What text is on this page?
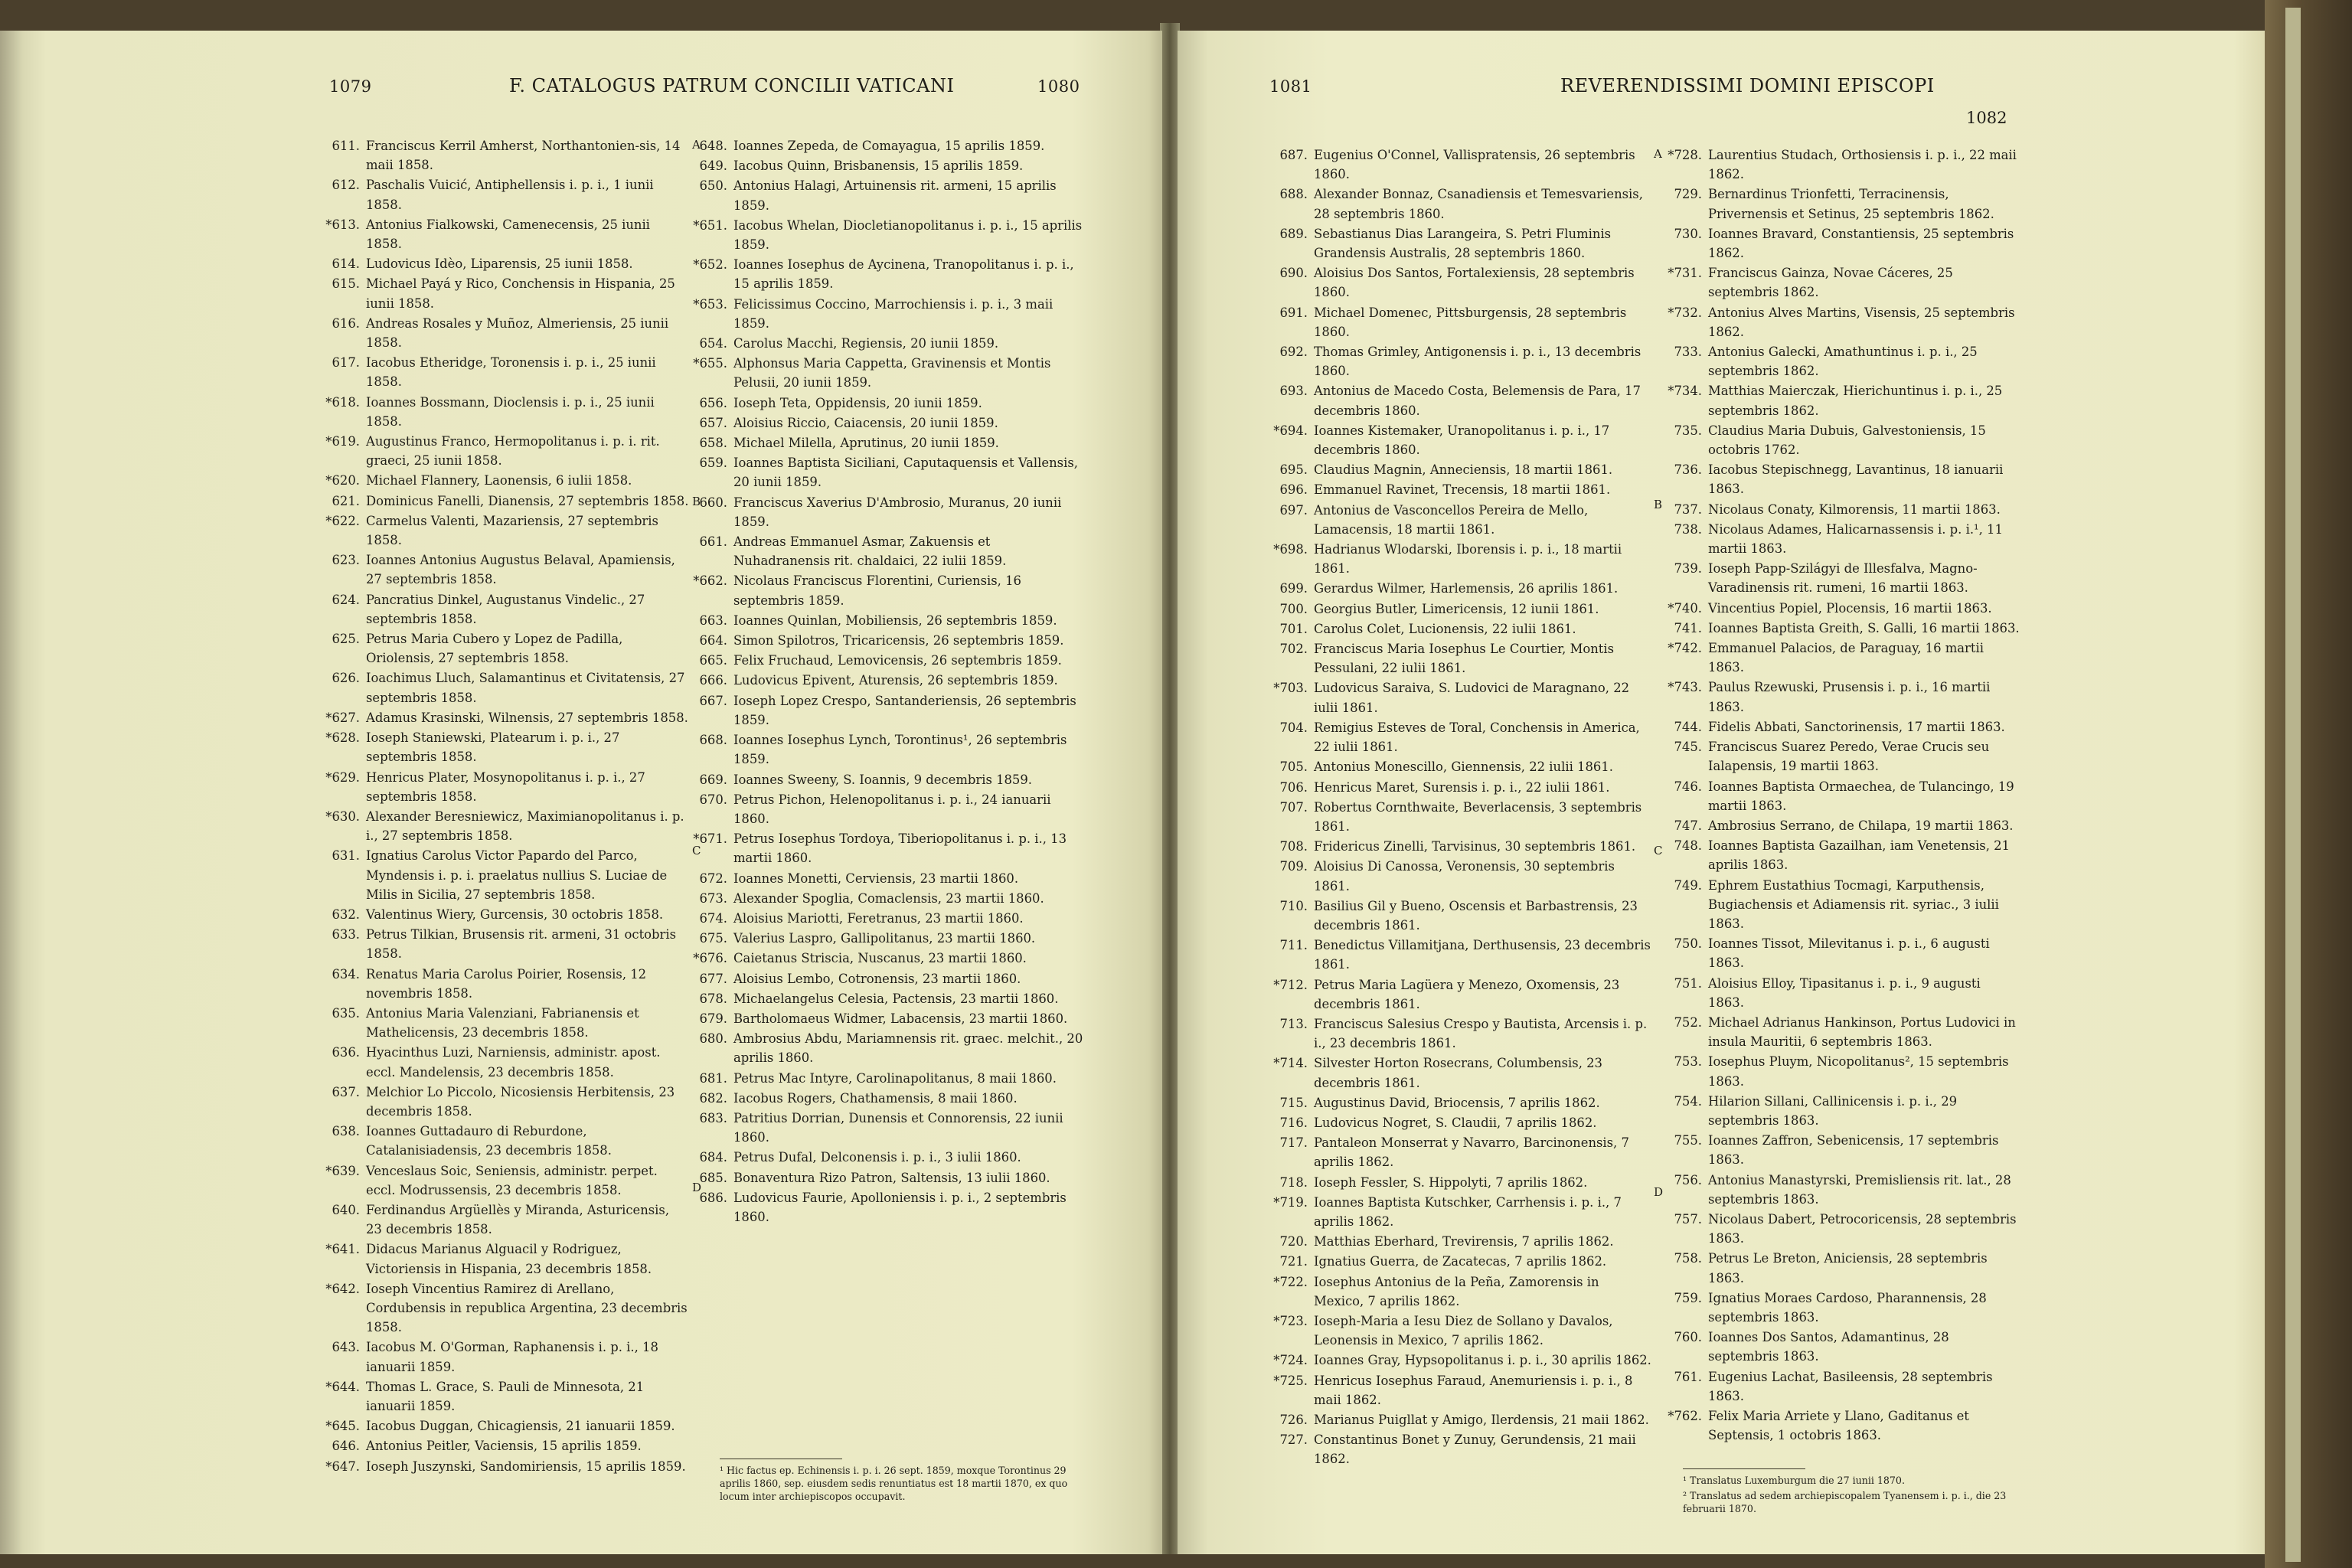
1079	F. CATALOGUS PATRUM CONCILII VATICANI	1080
611. Franciscus Kerril Amherst, Northantonien-sis, 14 maii 1858.
612. Paschalis Vuicić, Antiphellensis i. p. i., 1 iunii 1858.
*613. Antonius Fialkowski, Camenecensis, 25 iunii 1858.
614. Ludovicus Idèo, Liparensis, 25 iunii 1858.
615. Michael Payá y Rico, Conchensis in Hispania, 25 iunii 1858.
616. Andreas Rosales y Muñoz, Almeriensis, 25 iunii 1858.
617. Iacobus Etheridge, Toronensis i. p. i., 25 iunii 1858.
*618. Ioannes Bossmann, Dioclensis i. p. i., 25 iunii 1858.
*619. Augustinus Franco, Hermopolitanus i. p. i. rit. graeci, 25 iunii 1858.
*620. Michael Flannery, Laonensis, 6 iulii 1858.
621. Dominicus Fanelli, Dianensis, 27 septembris 1858.
*622. Carmelus Valenti, Mazariensis, 27 septembris 1858.
623. Ioannes Antonius Augustus Belaval, Apamiensis, 27 septembris 1858.
624. Pancratius Dinkel, Augustanus Vindelic., 27 septembris 1858.
625. Petrus Maria Cubero y Lopez de Padilla, Oriolensis, 27 septembris 1858.
626. Ioachimus Lluch, Salamantinus et Civitatensis, 27 septembris 1858.
*627. Adamus Krasinski, Wilnensis, 27 septembris 1858.
*628. Ioseph Staniewski, Platearum i. p. i., 27 septembris 1858.
*629. Henricus Plater, Mosynopolitanus i. p. i., 27 septembris 1858.
*630. Alexander Beresniewicz, Maximianopolitanus i. p. i., 27 septembris 1858.
631. Ignatius Carolus Victor Papardo del Parco, Myndensis i. p. i. praelatus nullius S. Luciae de Milis in Sicilia, 27 septembris 1858.
632. Valentinus Wiery, Gurcensis, 30 octobris 1858.
633. Petrus Tilkian, Brusensis rit. armeni, 31 octobris 1858.
634. Renatus Maria Carolus Poirier, Rosensis, 12 novembris 1858.
635. Antonius Maria Valenziani, Fabrianensis et Mathelicensis, 23 decembris 1858.
636. Hyacinthus Luzi, Narniensis, administr. apost. eccl. Mandelensis, 23 decembris 1858.
637. Melchior Lo Piccolo, Nicosiensis Herbitensis, 23 decembris 1858.
638. Ioannes Guttadauro di Reburdone, Catalanisiadensis, 23 decembris 1858.
*639. Venceslaus Soic, Seniensis, administr. perpet. eccl. Modrussensis, 23 decembris 1858.
640. Ferdinandus Argüellès y Miranda, Asturicensis, 23 decembris 1858.
*641. Didacus Marianus Alguacil y Rodriguez, Victoriensis in Hispania, 23 decembris 1858.
*642. Ioseph Vincentius Ramirez di Arellano, Cordubensis in republica Argentina, 23 decembris 1858.
643. Iacobus M. O'Gorman, Raphanensis i. p. i., 18 ianuarii 1859.
*644. Thomas L. Grace, S. Pauli de Minnesota, 21 ianuarii 1859.
*645. Iacobus Duggan, Chicagiensis, 21 ianuarii 1859.
646. Antonius Peitler, Vaciensis, 15 aprilis 1859.
*647. Ioseph Juszynski, Sandomiriensis, 15 aprilis 1859.
648. Ioannes Zepeda, de Comayagua, 15 aprilis 1859.
649. Iacobus Quinn, Brisbanensis, 15 aprilis 1859.
650. Antonius Halagi, Artuinensis rit. armeni, 15 aprilis 1859.
*651. Iacobus Whelan, Diocletianopolitanus i. p. i., 15 aprilis 1859.
*652. Ioannes Iosephus de Aycinena, Tranopolitanus i. p. i., 15 aprilis 1859.
*653. Felicissimus Coccino, Marrochiensis i. p. i., 3 maii 1859.
654. Carolus Macchi, Regiensis, 20 iunii 1859.
*655. Alphonsus Maria Cappetta, Gravinensis et Montis Pelusii, 20 iunii 1859.
656. Ioseph Teta, Oppidensis, 20 iunii 1859.
657. Aloisius Riccio, Caiacensis, 20 iunii 1859.
658. Michael Milella, Aprutinus, 20 iunii 1859.
659. Ioannes Baptista Siciliani, Caputaquensis et Vallensis, 20 iunii 1859.
660. Franciscus Xaverius D'Ambrosio, Muranus, 20 iunii 1859.
661. Andreas Emmanuel Asmar, Zakuensis et Nuhadranensis rit. chaldaici, 22 iulii 1859.
*662. Nicolaus Franciscus Florentini, Curiensis, 16 septembris 1859.
663. Ioannes Quinlan, Mobiliensis, 26 septembris 1859.
664. Simon Spilotros, Tricaricensis, 26 septembris 1859.
665. Felix Fruchaud, Lemovicensis, 26 septembris 1859.
666. Ludovicus Epivent, Aturensis, 26 septembris 1859.
667. Ioseph Lopez Crespo, Santanderiensis, 26 septembris 1859.
668. Ioannes Iosephus Lynch, Torontinus¹, 26 septembris 1859.
669. Ioannes Sweeny, S. Ioannis, 9 decembris 1859.
670. Petrus Pichon, Helenopolitanus i. p. i., 24 ianuarii 1860.
*671. Petrus Iosephus Tordoya, Tiberiopolitanus i. p. i., 13 martii 1860.
672. Ioannes Monetti, Cerviensis, 23 martii 1860.
673. Alexander Spoglia, Comaclensis, 23 martii 1860.
674. Aloisius Mariotti, Feretranus, 23 martii 1860.
675. Valerius Laspro, Gallipolitanus, 23 martii 1860.
*676. Caietanus Striscia, Nuscanus, 23 martii 1860.
677. Aloisius Lembo, Cotronensis, 23 martii 1860.
678. Michaelangelus Celesia, Pactensis, 23 martii 1860.
679. Bartholomaeus Widmer, Labacensis, 23 martii 1860.
680. Ambrosius Abdu, Mariamnensis rit. graec. melchit., 20 aprilis 1860.
681. Petrus Mac Intyre, Carolinapolitanus, 8 maii 1860.
682. Iacobus Rogers, Chathamensis, 8 maii 1860.
683. Patritius Dorrian, Dunensis et Connorensis, 22 iunii 1860.
684. Petrus Dufal, Delconensis i. p. i., 3 iulii 1860.
685. Bonaventura Rizo Patron, Saltensis, 13 iulii 1860.
686. Ludovicus Faurie, Apolloniensis i. p. i., 2 septembris 1860.
A
B
C
D
¹ Hic factus ep. Echinensis i. p. i. 26 sept. 1859, moxque Torontinus 29 aprilis 1860, sep. eiusdem sedis renuntiatus est 18 martii 1870, ex quo locum inter archiepiscopos occupavit.
1081	REVERENDISSIMI DOMINI EPISCOPI
1082
687. Eugenius O'Connel, Vallispratensis, 26 septembris 1860.
688. Alexander Bonnaz, Csanadiensis et Temesvariensis, 28 septembris 1860.
689. Sebastianus Dias Larangeira, S. Petri Fluminis Grandensis Australis, 28 septembris 1860.
690. Aloisius Dos Santos, Fortalexiensis, 28 septembris 1860.
691. Michael Domenec, Pittsburgensis, 28 septembris 1860.
692. Thomas Grimley, Antigonensis i. p. i., 13 decembris 1860.
693. Antonius de Macedo Costa, Belemensis de Para, 17 decembris 1860.
*694. Ioannes Kistemaker, Uranopolitanus i. p. i., 17 decembris 1860.
695. Claudius Magnin, Anneciensis, 18 martii 1861.
696. Emmanuel Ravinet, Trecensis, 18 martii 1861.
697. Antonius de Vasconcellos Pereira de Mello, Lamacensis, 18 martii 1861.
*698. Hadrianus Wlodarski, Iborensis i. p. i., 18 martii 1861.
699. Gerardus Wilmer, Harlemensis, 26 aprilis 1861.
700. Georgius Butler, Limericensis, 12 iunii 1861.
701. Carolus Colet, Lucionensis, 22 iulii 1861.
702. Franciscus Maria Iosephus Le Courtier, Montis Pessulani, 22 iulii 1861.
*703. Ludovicus Saraiva, S. Ludovici de Maragnano, 22 iulii 1861.
704. Remigius Esteves de Toral, Conchensis in America, 22 iulii 1861.
705. Antonius Monescillo, Giennensis, 22 iulii 1861.
706. Henricus Maret, Surensis i. p. i., 22 iulii 1861.
707. Robertus Cornthwaite, Beverlacensis, 3 septembris 1861.
708. Fridericus Zinelli, Tarvisinus, 30 septembris 1861.
709. Aloisius Di Canossa, Veronensis, 30 septembris 1861.
710. Basilius Gil y Bueno, Oscensis et Barbastrensis, 23 decembris 1861.
711. Benedictus Villamitjana, Derthusensis, 23 decembris 1861.
*712. Petrus Maria Lagüera y Menezo, Oxomensis, 23 decembris 1861.
713. Franciscus Salesius Crespo y Bautista, Arcensis i. p. i., 23 decembris 1861.
*714. Silvester Horton Rosecrans, Columbensis, 23 decembris 1861.
715. Augustinus David, Briocensis, 7 aprilis 1862.
716. Ludovicus Nogret, S. Claudii, 7 aprilis 1862.
717. Pantaleon Monserrat y Navarro, Barcinonensis, 7 aprilis 1862.
718. Ioseph Fessler, S. Hippolyti, 7 aprilis 1862.
*719. Ioannes Baptista Kutschker, Carrhensis i. p. i., 7 aprilis 1862.
720. Matthias Eberhard, Trevirensis, 7 aprilis 1862.
721. Ignatius Guerra, de Zacatecas, 7 aprilis 1862.
*722. Iosephus Antonius de la Peña, Zamorensis in Mexico, 7 aprilis 1862.
*723. Ioseph-Maria a Iesu Diez de Sollano y Davalos, Leonensis in Mexico, 7 aprilis 1862.
*724. Ioannes Gray, Hypsopolitanus i. p. i., 30 aprilis 1862.
*725. Henricus Iosephus Faraud, Anemuriensis i. p. i., 8 maii 1862.
726. Marianus Puigllat y Amigo, Ilerdensis, 21 maii 1862.
727. Constantinus Bonet y Zunuy, Gerundensis, 21 maii 1862.
*728. Laurentius Studach, Orthosiensis i. p. i., 22 maii 1862.
729. Bernardinus Trionfetti, Terracinensis, Privernensis et Setinus, 25 septembris 1862.
730. Ioannes Bravard, Constantiensis, 25 septembris 1862.
*731. Franciscus Gainza, Novae Cáceres, 25 septembris 1862.
*732. Antonius Alves Martins, Visensis, 25 septembris 1862.
733. Antonius Galecki, Amathuntinus i. p. i., 25 septembris 1862.
*734. Matthias Maierczak, Hierichuntinus i. p. i., 25 septembris 1862.
735. Claudius Maria Dubuis, Galvestoniensis, 15 octobris 1762.
736. Iacobus Stepischnegg, Lavantinus, 18 ianuarii 1863.
737. Nicolaus Conaty, Kilmorensis, 11 martii 1863.
738. Nicolaus Adames, Halicarnassensis i. p. i.¹, 11 martii 1863.
739. Ioseph Papp-Szilágyi de Illesfalva, Magno-Varadinensis rit. rumeni, 16 martii 1863.
*740. Vincentius Popiel, Plocensis, 16 martii 1863.
741. Ioannes Baptista Greith, S. Galli, 16 martii 1863.
*742. Emmanuel Palacios, de Paraguay, 16 martii 1863.
*743. Paulus Rzewuski, Prusensis i. p. i., 16 martii 1863.
744. Fidelis Abbati, Sanctorinensis, 17 martii 1863.
745. Franciscus Suarez Peredo, Verae Crucis seu Ialapensis, 19 martii 1863.
746. Ioannes Baptista Ormaechea, de Tulancingo, 19 martii 1863.
747. Ambrosius Serrano, de Chilapa, 19 martii 1863.
748. Ioannes Baptista Gazailhan, iam Venetensis, 21 aprilis 1863.
749. Ephrem Eustathius Tocmagi, Karputhensis, Bugiachensis et Adiamensis rit. syriac., 3 iulii 1863.
750. Ioannes Tissot, Milevitanus i. p. i., 6 augusti 1863.
751. Aloisius Elloy, Tipasitanus i. p. i., 9 augusti 1863.
752. Michael Adrianus Hankinson, Portus Ludovici in insula Mauritii, 6 septembris 1863.
753. Iosephus Pluym, Nicopolitanus², 15 septembris 1863.
754. Hilarion Sillani, Callinicensis i. p. i., 29 septembris 1863.
755. Ioannes Zaffron, Sebenicensis, 17 septembris 1863.
756. Antonius Manastyrski, Premisliensis rit. lat., 28 septembris 1863.
757. Nicolaus Dabert, Petrocoricensis, 28 septembris 1863.
758. Petrus Le Breton, Aniciensis, 28 septembris 1863.
759. Ignatius Moraes Cardoso, Pharannensis, 28 septembris 1863.
760. Ioannes Dos Santos, Adamantinus, 28 septembris 1863.
761. Eugenius Lachat, Basileensis, 28 septembris 1863.
*762. Felix Maria Arriete y Llano, Gaditanus et Septensis, 1 octobris 1863.
A
B
C
D
¹ Translatus Luxemburgum die 27 iunii 1870.
² Translatus ad sedem archiepiscopalem Tyanensem i. p. i., die 23 februarii 1870.
